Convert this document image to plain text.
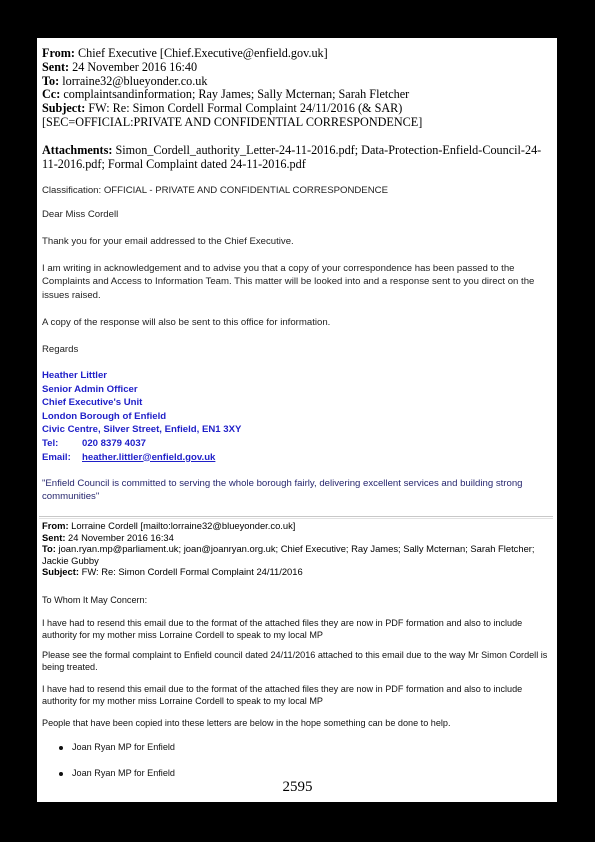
From: Chief Executive [Chief.Executive@enfield.gov.uk]
Sent: 24 November 2016 16:40
To: lorraine32@blueyonder.co.uk
Cc: complaintsandinformation; Ray James; Sally Mcternan; Sarah Fletcher
Subject: FW: Re: Simon Cordell Formal Complaint 24/11/2016 (& SAR)
[SEC=OFFICIAL:PRIVATE AND CONFIDENTIAL CORRESPONDENCE]
Attachments: Simon_Cordell_authority_Letter-24-11-2016.pdf; Data-Protection-Enfield-Council-24-11-2016.pdf; Formal Complaint dated 24-11-2016.pdf
Classification: OFFICIAL - PRIVATE AND CONFIDENTIAL CORRESPONDENCE
Dear Miss Cordell
Thank you for your email addressed to the Chief Executive.
I am writing in acknowledgement and to advise you that a copy of your correspondence has been passed to the Complaints and Access to Information Team. This matter will be looked into and a response sent to you direct on the issues raised.
A copy of the response will also be sent to this office for information.
Regards
Heather Littler
Senior Admin Officer
Chief Executive's Unit
London Borough of Enfield
Civic Centre, Silver Street, Enfield, EN1 3XY
Tel: 020 8379 4037
Email: heather.littler@enfield.gov.uk
"Enfield Council is committed to serving the whole borough fairly, delivering excellent services and building strong communities"
From: Lorraine Cordell [mailto:lorraine32@blueyonder.co.uk]
Sent: 24 November 2016 16:34
To: joan.ryan.mp@parliament.uk; joan@joanryan.org.uk; Chief Executive; Ray James; Sally Mcternan; Sarah Fletcher; Jackie Gubby
Subject: FW: Re: Simon Cordell Formal Complaint 24/11/2016
To Whom It May Concern:
I have had to resend this email due to the format of the attached files they are now in PDF formation and also to include authority for my mother miss Lorraine Cordell to speak to my local MP
Please see the formal complaint to Enfield council dated 24/11/2016 attached to this email due to the way Mr Simon Cordell is being treated.
I have had to resend this email due to the format of the attached files they are now in PDF formation and also to include authority for my mother miss Lorraine Cordell to speak to my local MP
People that have been copied into these letters are below in the hope something can be done to help.
Joan Ryan MP for Enfield
Joan Ryan MP for Enfield
2595
